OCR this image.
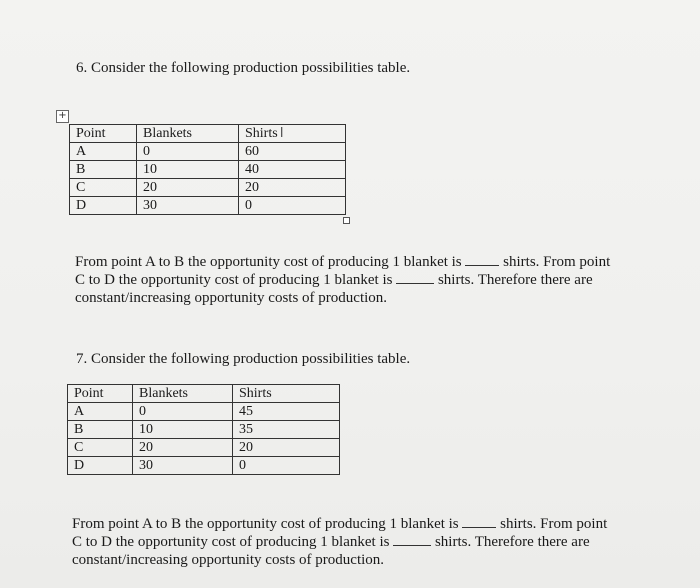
6. Consider the following production possibilities table.
+
Point	Blankets	Shirts I
A	0	60
B	10	40
C	20	20
D	30	0
From point A to B the opportunity cost of producing 1 blanket is	shirts. From point
C to D the opportunity cost of producing 1 blanket is	shirts. Therefore there are
constant/increasing opportunity costs of production.
7. Consider the following production possibilities table.
Point	Blankets	Shirts
A	0	45
B	10	35
C	20	20
D	30	0
From point A to B the opportunity cost of producing 1 blanket is	shirts. From point
C to D the opportunity cost of producing 1 blanket is	shirts. Therefore there are
constant/increasing opportunity costs of production.
